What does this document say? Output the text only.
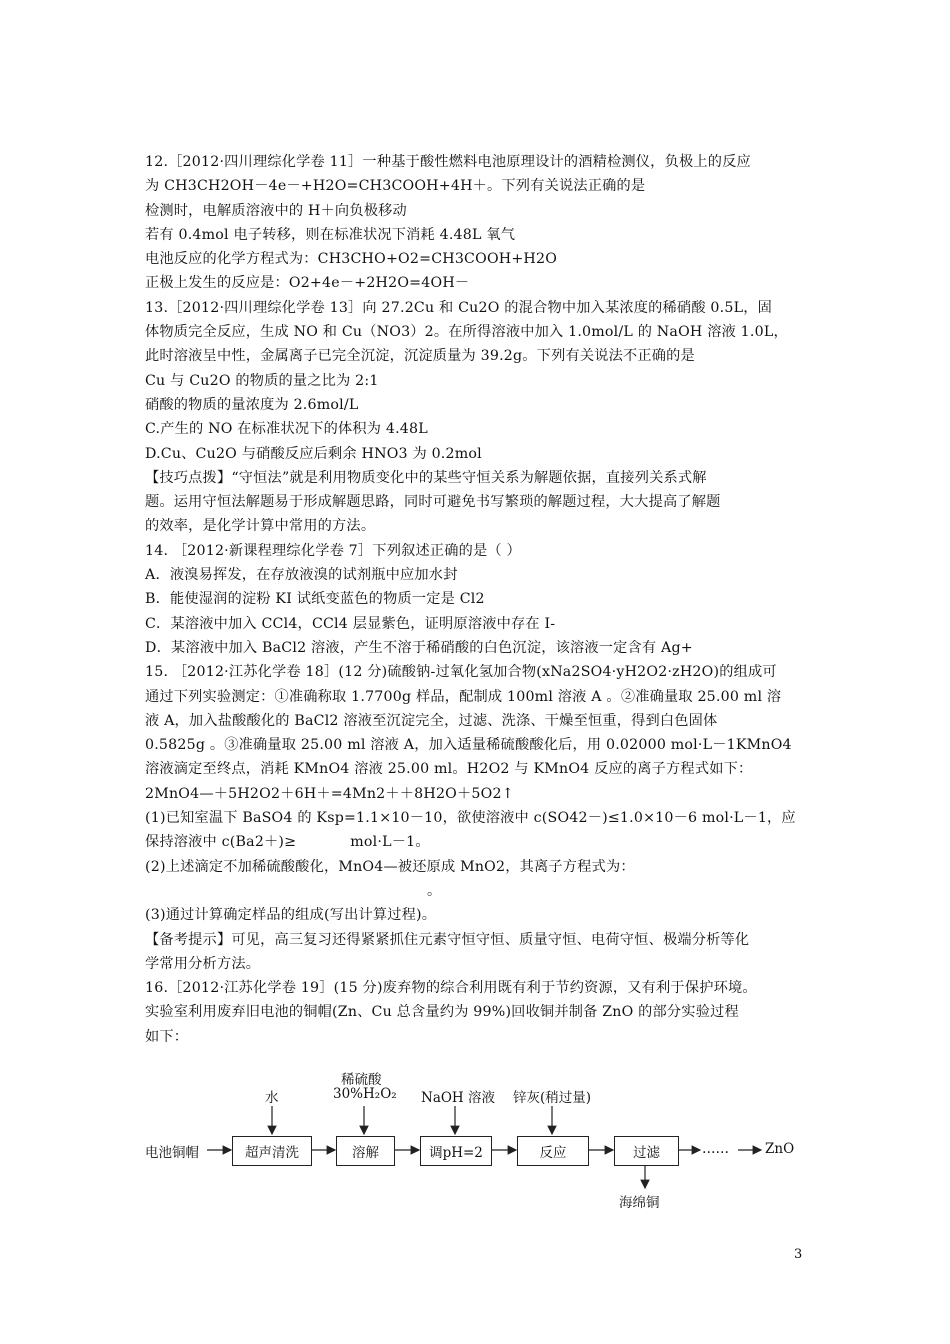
12.［2012·四川理综化学卷 11］一种基于酸性燃料电池原理设计的酒精检测仪，负极上的反应
为 CH3CH2OH－4e－+H2O=CH3COOH+4H＋。下列有关说法正确的是
检测时，电解质溶液中的 H＋向负极移动
若有 0.4mol 电子转移，则在标准状况下消耗 4.48L 氧气
电池反应的化学方程式为：CH3CHO+O2=CH3COOH+H2O
正极上发生的反应是：O2+4e－+2H2O=4OH－
13.［2012·四川理综化学卷 13］向 27.2Cu 和 Cu2O 的混合物中加入某浓度的稀硝酸 0.5L，固
体物质完全反应，生成 NO 和 Cu（NO3）2。在所得溶液中加入 1.0mol/L 的 NaOH 溶液 1.0L，
此时溶液呈中性，金属离子已完全沉淀，沉淀质量为 39.2g。下列有关说法不正确的是
Cu 与 Cu2O 的物质的量之比为 2:1
硝酸的物质的量浓度为 2.6mol/L
C.产生的 NO 在标准状况下的体积为 4.48L
D.Cu、Cu2O 与硝酸反应后剩余 HNO3 为 0.2mol
【技巧点拨】“守恒法”就是利用物质变化中的某些守恒关系为解题依据，直接列关系式解
题。运用守恒法解题易于形成解题思路，同时可避免书写繁琐的解题过程，大大提高了解题
的效率，是化学计算中常用的方法。
14. ［2012·新课程理综化学卷 7］下列叙述正确的是（ ）
A．液溴易挥发，在存放液溴的试剂瓶中应加水封
B．能使湿润的淀粉 KI 试纸变蓝色的物质一定是 Cl2
C．某溶液中加入 CCl4，CCl4 层显紫色，证明原溶液中存在 I-
D．某溶液中加入 BaCl2 溶液，产生不溶于稀硝酸的白色沉淀，该溶液一定含有 Ag+
15. ［2012·江苏化学卷 18］(12 分)硫酸钠-过氧化氢加合物(xNa2SO4·yH2O2·zH2O)的组成可
通过下列实验测定：①准确称取 1.7700g 样品，配制成 100ml 溶液 A 。②准确量取 25.00 ml 溶
液 A，加入盐酸酸化的 BaCl2 溶液至沉淀完全，过滤、洗涤、干燥至恒重，得到白色固体
0.5825g 。③准确量取 25.00 ml 溶液 A，加入适量稀硫酸酸化后，用 0.02000 mol·L－1KMnO4
溶液滴定至终点，消耗 KMnO4 溶液 25.00 ml。H2O2 与 KMnO4 反应的离子方程式如下：
2MnO4—＋5H2O2＋6H＋=4Mn2＋＋8H2O＋5O2↑
(1)已知室温下 BaSO4 的 Ksp=1.1×10－10，欲使溶液中 c(SO42－)≤1.0×10－6 mol·L－1，应
保持溶液中 c(Ba2＋)≥	mol·L－1。
(2)上述滴定不加稀硫酸酸化，MnO4—被还原成 MnO2，其离子方程式为：
。
(3)通过计算确定样品的组成(写出计算过程)。
【备考提示】可见，高三复习还得紧紧抓住元素守恒守恒、质量守恒、电荷守恒、极端分析等化
学常用分析方法。
16.［2012·江苏化学卷 19］(15 分)废弃物的综合利用既有利于节约资源，又有利于保护环境。
实验室利用废弃旧电池的铜帽(Zn、Cu 总含量约为 99%)回收铜并制备 ZnO 的部分实验过程
如下：
电池铜帽	超声清洗	溶解	调pH=2	反应	过滤	……	ZnO
水
稀硫酸
30%H₂O₂ NaOH 溶液 锌灰(稍过量)
海绵铜
3
